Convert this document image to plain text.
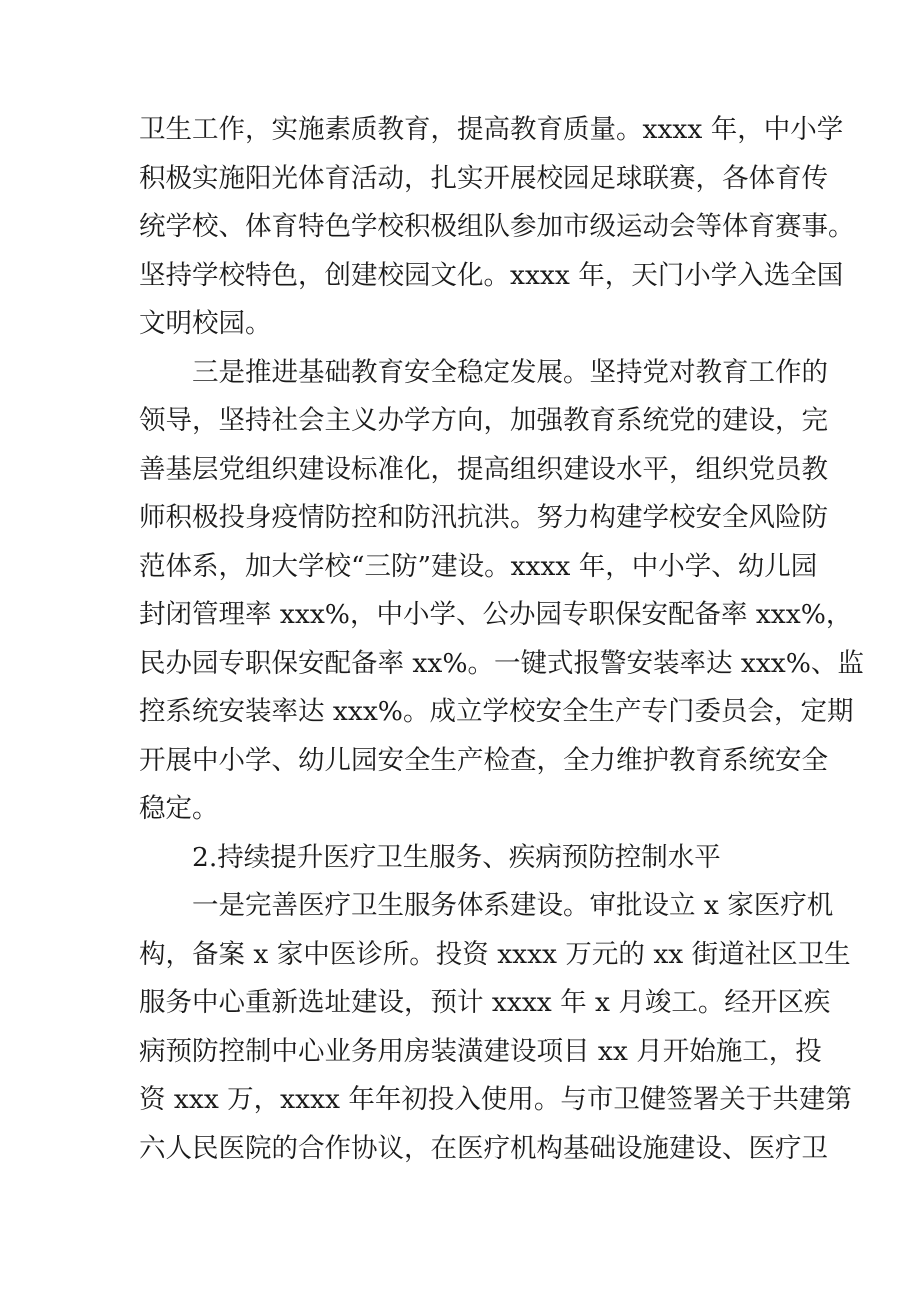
卫生工作，实施素质教育，提高教育质量。xxxx 年，中小学
积极实施阳光体育活动，扎实开展校园足球联赛，各体育传
统学校、体育特色学校积极组队参加市级运动会等体育赛事。
坚持学校特色，创建校园文化。xxxx 年，天门小学入选全国
文明校园。
三是推进基础教育安全稳定发展。坚持党对教育工作的
领导，坚持社会主义办学方向，加强教育系统党的建设，完
善基层党组织建设标准化，提高组织建设水平，组织党员教
师积极投身疫情防控和防汛抗洪。努力构建学校安全风险防
范体系，加大学校“三防”建设。xxxx 年，中小学、幼儿园
封闭管理率 xxx%，中小学、公办园专职保安配备率 xxx%，
民办园专职保安配备率 xx%。一键式报警安装率达 xxx%、监
控系统安装率达 xxx%。成立学校安全生产专门委员会，定期
开展中小学、幼儿园安全生产检查，全力维护教育系统安全
稳定。
2.持续提升医疗卫生服务、疾病预防控制水平
一是完善医疗卫生服务体系建设。审批设立 x 家医疗机
构，备案 x 家中医诊所。投资 xxxx 万元的 xx 街道社区卫生
服务中心重新选址建设，预计 xxxx 年 x 月竣工。经开区疾
病预防控制中心业务用房装潢建设项目 xx 月开始施工，投
资 xxx 万，xxxx 年年初投入使用。与市卫健签署关于共建第
六人民医院的合作协议，在医疗机构基础设施建设、医疗卫
